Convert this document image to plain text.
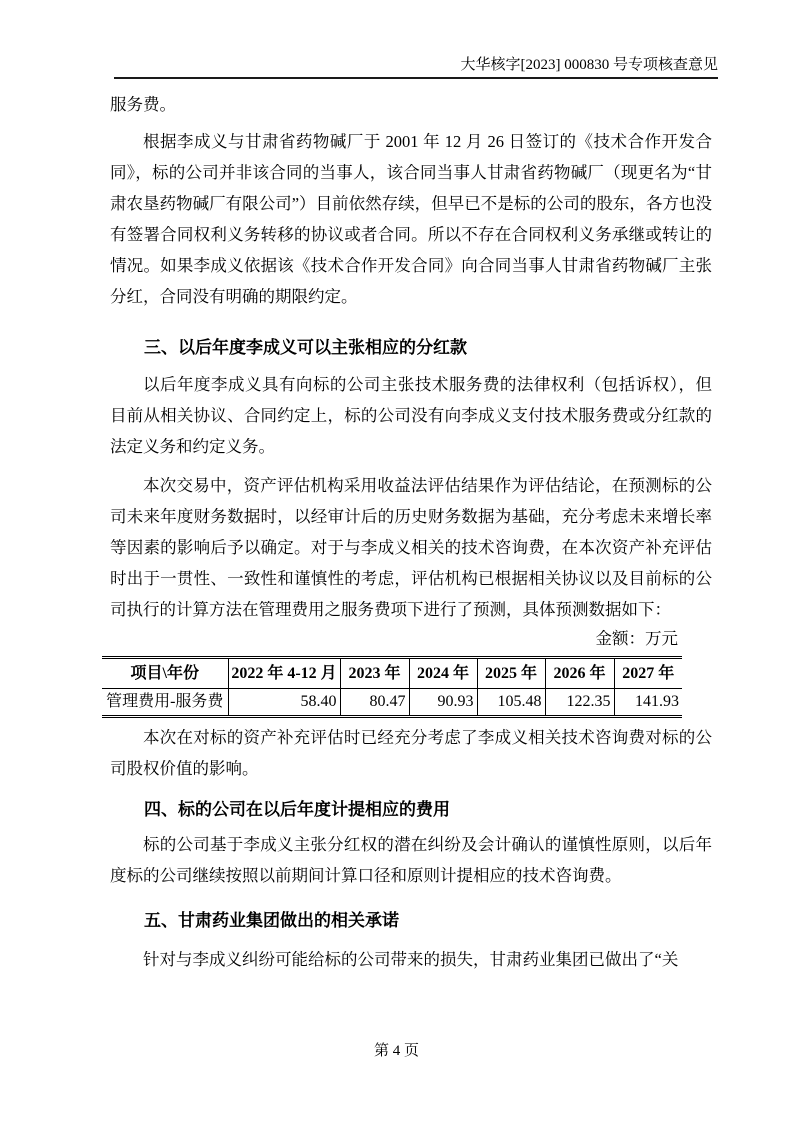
大华核字[2023] 000830 号专项核查意见

服务费。

根据李成义与甘肃省药物碱厂于 2001 年 12 月 26 日签订的《技术合作开发合同》，标的公司并非该合同的当事人，该合同当事人甘肃省药物碱厂（现更名为“甘肃农垦药物碱厂有限公司”）目前依然存续，但早已不是标的公司的股东，各方也没有签署合同权利义务转移的协议或者合同。所以不存在合同权利义务承继或转让的情况。如果李成义依据该《技术合作开发合同》向合同当事人甘肃省药物碱厂主张分红，合同没有明确的期限约定。

三、以后年度李成义可以主张相应的分红款

以后年度李成义具有向标的公司主张技术服务费的法律权利（包括诉权），但目前从相关协议、合同约定上，标的公司没有向李成义支付技术服务费或分红款的法定义务和约定义务。

本次交易中，资产评估机构采用收益法评估结果作为评估结论，在预测标的公司未来年度财务数据时，以经审计后的历史财务数据为基础，充分考虑未来增长率等因素的影响后予以确定。对于与李成义相关的技术咨询费，在本次资产补充评估时出于一贯性、一致性和谨慎性的考虑，评估机构已根据相关协议以及目前标的公司执行的计算方法在管理费用之服务费项下进行了预测，具体预测数据如下：

金额：万元
项目\年份	2022 年 4-12 月	2023 年	2024 年	2025 年	2026 年	2027 年
管理费用-服务费	58.40	80.47	90.93	105.48	122.35	141.93

本次在对标的资产补充评估时已经充分考虑了李成义相关技术咨询费对标的公司股权价值的影响。

四、标的公司在以后年度计提相应的费用

标的公司基于李成义主张分红权的潜在纠纷及会计确认的谨慎性原则，以后年度标的公司继续按照以前期间计算口径和原则计提相应的技术咨询费。

五、甘肃药业集团做出的相关承诺

针对与李成义纠纷可能给标的公司带来的损失，甘肃药业集团已做出了“关

第 4 页
